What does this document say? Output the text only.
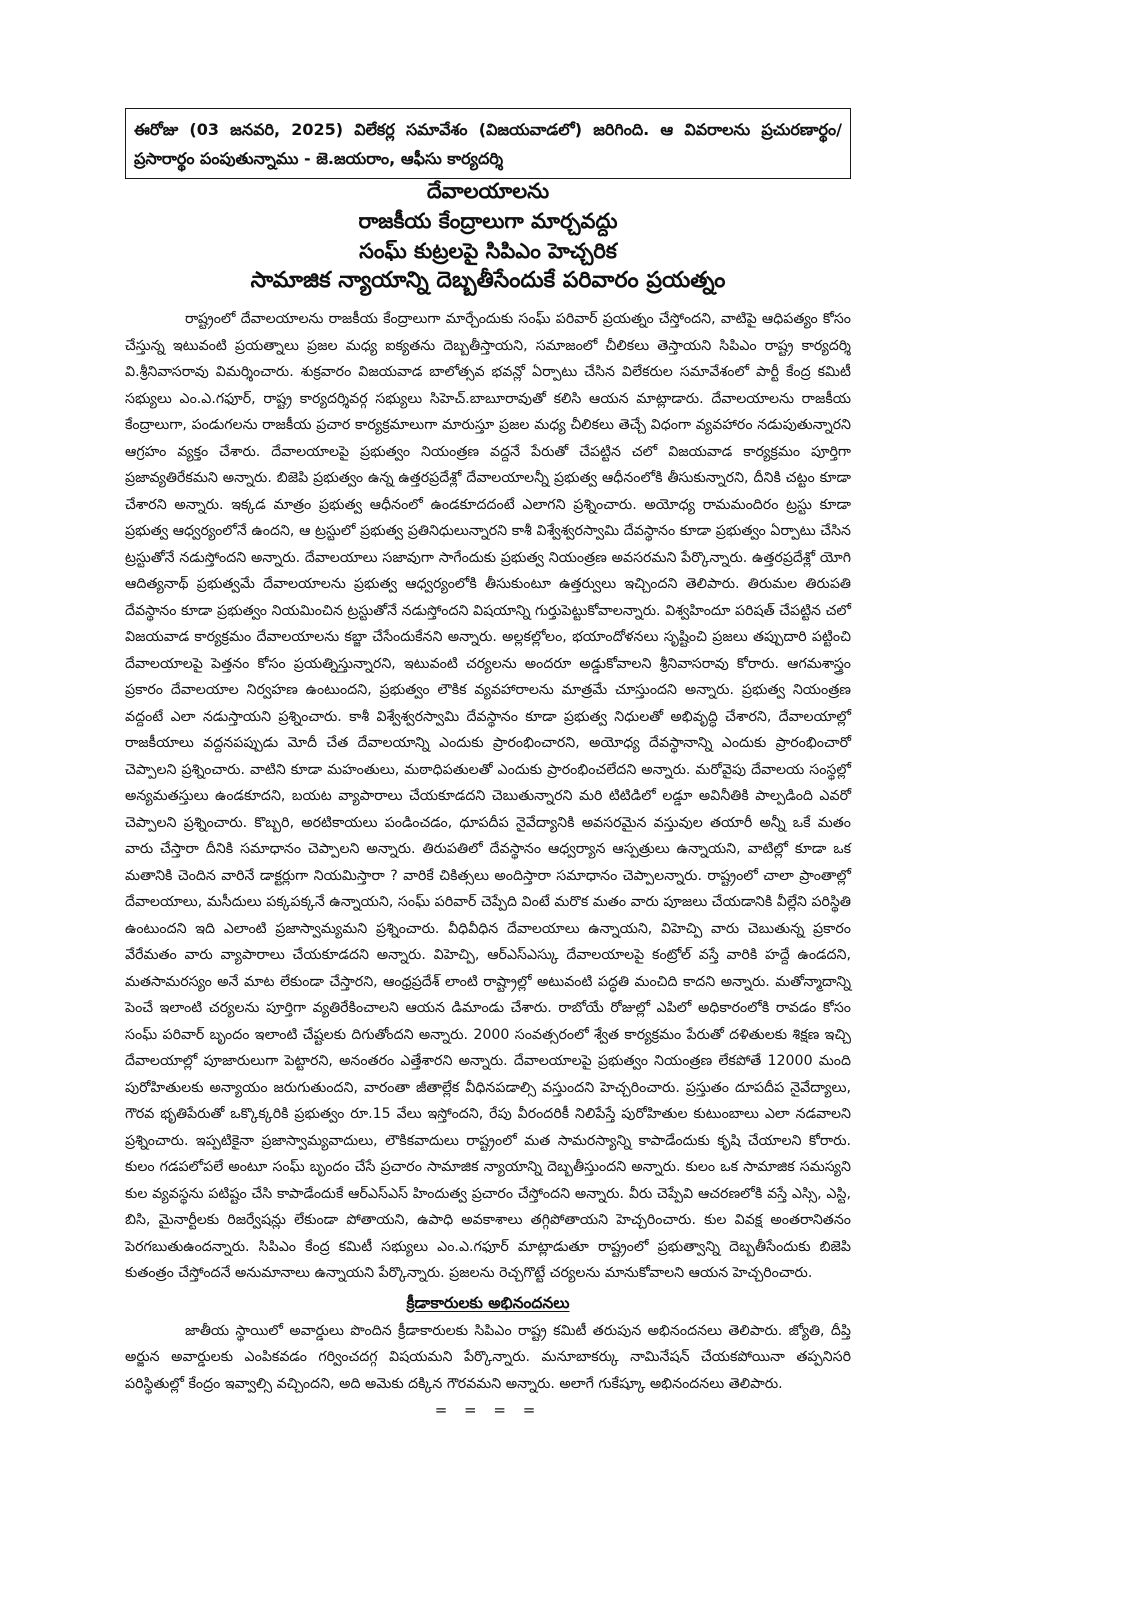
ఈరోజు (03 జనవరి, 2025) విలేకర్ల సమావేశం (విజయవాడలో) జరిగింది. ఆ వివరాలను ప్రచురణార్థం/ ప్రసారార్థం పంపుతున్నాము - జె.జయరాం, ఆఫీసు కార్యదర్శి
దేవాలయాలను
రాజకీయ కేంద్రాలుగా మార్చవద్దు
సంఘ్ కుట్రలపై సిపిఎం హెచ్చరిక
సామాజిక న్యాయాన్ని దెబ్బతీసేందుకే పరివారం ప్రయత్నం

రాష్ట్రంలో దేవాలయాలను రాజకీయ కేంద్రాలుగా మార్చేందుకు సంఘ్ పరివార్ ప్రయత్నం చేస్తోందని, వాటిపై ఆధిపత్యం కోసం చేస్తున్న ఇటువంటి ప్రయత్నాలు ప్రజల మధ్య ఐక్యతను దెబ్బతీస్తాయని, సమాజంలో చీలికలు తెస్తాయని సిపిఎం రాష్ట్ర కార్యదర్శి వి.శ్రీనివాసరావు విమర్శించారు. శుక్రవారం విజయవాడ బాలోత్సవ భవన్లో ఏర్పాటు చేసిన విలేకరుల సమావేశంలో పార్టీ కేంద్ర కమిటీ సభ్యులు ఎం.ఎ.గఫూర్, రాష్ట్ర కార్యదర్శివర్గ సభ్యులు సిహెచ్.బాబూరావుతో కలిసి ఆయన మాట్లాడారు. దేవాలయాలను రాజకీయ కేంద్రాలుగా, పండుగలను రాజకీయ ప్రచార కార్యక్రమాలుగా మారుస్తూ ప్రజల మధ్య చీలికలు తెచ్చే విధంగా వ్యవహారం నడుపుతున్నారని ఆగ్రహం వ్యక్తం చేశారు. దేవాలయాలపై ప్రభుత్వం నియంత్రణ వద్దనే పేరుతో చేపట్టిన చలో విజయవాడ కార్యక్రమం పూర్తిగా ప్రజావ్యతిరేకమని అన్నారు. బిజెపి ప్రభుత్వం ఉన్న ఉత్తరప్రదేశ్లో దేవాలయాలన్నీ ప్రభుత్వ ఆధీనంలోకి తీసుకున్నారని, దీనికి చట్టం కూడా చేశారని అన్నారు. ఇక్కడ మాత్రం ప్రభుత్వ ఆధీనంలో ఉండకూదదంటే ఎలాగని ప్రశ్నించారు. అయోధ్య రామమందిరం ట్రస్టు కూడా ప్రభుత్వ ఆధ్వర్యంలోనే ఉందని, ఆ ట్రస్టులో ప్రభుత్వ ప్రతినిధులున్నారని కాశీ విశ్వేశ్వరస్వామి దేవస్థానం కూడా ప్రభుత్వం ఏర్పాటు చేసిన ట్రస్టుతోనే నడుస్తోందని అన్నారు. దేవాలయాలు సజావుగా సాగేందుకు ప్రభుత్వ నియంత్రణ అవసరమని పేర్కొన్నారు. ఉత్తరప్రదేశ్లో యోగి ఆదిత్యనాథ్ ప్రభుత్వమే దేవాలయాలను ప్రభుత్వ ఆధ్వర్యంలోకి తీసుకుంటూ ఉత్తర్వులు ఇచ్చిందని తెలిపారు. తిరుమల తిరుపతి దేవస్థానం కూడా ప్రభుత్వం నియమించిన ట్రస్టుతోనే నడుస్తోందని విషయాన్ని గుర్తుపెట్టుకోవాలన్నారు. విశ్వహిందూ పరిషత్ చేపట్టిన చలో విజయవాడ కార్యక్రమం దేవాలయాలను కబ్జా చేసేందుకేనని అన్నారు. అల్లకల్లోలం, భయాందోళనలు సృష్టించి ప్రజలు తప్పుదారి పట్టించి దేవాలయాలపై పెత్తనం కోసం ప్రయత్నిస్తున్నారని, ఇటువంటి చర్యలను అందరూ అడ్డుకోవాలని శ్రీనివాసరావు కోరారు. ఆగమశాస్త్రం ప్రకారం దేవాలయాల నిర్వహణ ఉంటుందని, ప్రభుత్వం లౌకిక వ్యవహారాలను మాత్రమే చూస్తుందని అన్నారు. ప్రభుత్వ నియంత్రణ వద్దంటే ఎలా నడుస్తాయని ప్రశ్నించారు. కాశీ విశ్వేశ్వరస్వామి దేవస్థానం కూడా ప్రభుత్వ నిధులతో అభివృద్ధి చేశారని, దేవాలయాల్లో రాజకీయాలు వద్దనపప్పుడు మోదీ చేత దేవాలయాన్ని ఎందుకు ప్రారంభించారని, అయోధ్య దేవస్థానాన్ని ఎందుకు ప్రారంభించారో చెప్పాలని ప్రశ్నించారు. వాటిని కూడా మహంతులు, మఠాధిపతులతో ఎందుకు ప్రారంభించలేదని అన్నారు. మరోవైపు దేవాలయ సంస్థల్లో అన్యమతస్తులు ఉండకూదని, బయట వ్యాపారాలు చేయకూడదని చెబుతున్నారని మరి టిటిడిలో లడ్డూ అవినీతికి పాల్పడింది ఎవరో చెప్పాలని ప్రశ్నించారు. కొబ్బరి, అరటికాయలు పండించడం, ధూపదీప నైవేద్యానికి అవసరమైన వస్తువుల తయారీ అన్నీ ఒకే మతం వారు చేస్తారా దీనికి సమాధానం చెప్పాలని అన్నారు. తిరుపతిలో దేవస్థానం ఆధ్వర్యాన ఆస్పత్రులు ఉన్నాయని, వాటిల్లో కూడా ఒక మతానికి చెందిన వారినే డాక్టర్లుగా నియమిస్తారా ? వారికే చికిత్సలు అందిస్తారా సమాధానం చెప్పాలన్నారు. రాష్ట్రంలో చాలా ప్రాంతాల్లో దేవాలయాలు, మసీదులు పక్కపక్కనే ఉన్నాయని, సంఘ్ పరివార్ చెప్పేది వింటే మరొక మతం వారు పూజలు చేయడానికి వీల్లేని పరిస్థితి ఉంటుందని ఇది ఎలాంటి ప్రజాస్వామ్యమని ప్రశ్నించారు. వీధివీధిన దేవాలయాలు ఉన్నాయని, విహెచ్పి వారు చెబుతున్న ప్రకారం వేరేమతం వారు వ్యాపారాలు చేయకూడదని అన్నారు. విహెచ్పి, ఆర్ఎస్ఎస్కు దేవాలయాలపై కంట్రోల్ వస్తే వారికి హద్దే ఉండదని, మతసామరస్యం అనే మాట లేకుండా చేస్తారని, ఆంధ్రప్రదేశ్ లాంటి రాష్ట్రాల్లో అటువంటి పద్ధతి మంచిది కాదని అన్నారు. మతోన్మాదాన్ని పెంచే ఇలాంటి చర్యలను పూర్తిగా వ్యతిరేకించాలని ఆయన డిమాండు చేశారు. రాబోయే రోజుల్లో ఎపిలో అధికారంలోకి రావడం కోసం సంఘ్ పరివార్ బృందం ఇలాంటి చేష్టలకు దిగుతోందని అన్నారు. 2000 సంవత్సరంలో శ్వేత కార్యక్రమం పేరుతో దళితులకు శిక్షణ ఇచ్చి దేవాలయాల్లో పూజారులుగా పెట్టారని, అనంతరం ఎత్తేశారని అన్నారు. దేవాలయాలపై ప్రభుత్వం నియంత్రణ లేకపోతే 12000 మంది పురోహితులకు అన్యాయం జరుగుతుందని, వారంతా జీతాల్లేక వీధినపడాల్సి వస్తుందని హెచ్చరించారు. ప్రస్తుతం దూపదీప నైవేద్యాలు, గౌరవ భృతిపేరుతో ఒక్కొక్కరికి ప్రభుత్వం రూ.15 వేలు ఇస్తోందని, రేపు వీరందరికీ నిలిపేస్తే పురోహితుల కుటుంబాలు ఎలా నడవాలని ప్రశ్నించారు. ఇప్పటికైనా ప్రజాస్వామ్యవాదులు, లౌకికవాదులు రాష్ట్రంలో మత సామరస్యాన్ని కాపాడేందుకు కృషి చేయాలని కోరారు. కులం గడపలోపలే అంటూ సంఘ్ బృందం చేసే ప్రచారం సామాజిక న్యాయాన్ని దెబ్బతీస్తుందని అన్నారు. కులం ఒక సామాజిక సమస్యని కుల వ్యవస్థను పటిష్టం చేసి కాపాడేందుకే ఆర్ఎస్ఎస్ హిందుత్వ ప్రచారం చేస్తోందని అన్నారు. వీరు చెప్పేవి ఆచరణలోకి వస్తే ఎస్సి, ఎస్టి, బిసి, మైనార్టీలకు రిజర్వేషన్లు లేకుండా పోతాయని, ఉపాధి అవకాశాలు తగ్గిపోతాయని హెచ్చరించారు. కుల వివక్ష అంతరానితనం పెరగబుతుఉందన్నారు. సిపిఎం కేంద్ర కమిటీ సభ్యులు ఎం.ఎ.గఫూర్ మాట్లాడుతూ రాష్ట్రంలో ప్రభుత్వాన్ని దెబ్బతీసేందుకు బిజెపి కుతంత్రం చేస్తోందనే అనుమానాలు ఉన్నాయని పేర్కొన్నారు. ప్రజలను రెచ్చగొట్టే చర్యలను మానుకోవాలని ఆయన హెచ్చరించారు.

క్రీడాకారులకు అభినందనలు

జాతీయ స్థాయిలో అవార్డులు పొందిన క్రీడాకారులకు సిపిఎం రాష్ట్ర కమిటీ తరుపున అభినందనలు తెలిపారు. జ్యోతి, దీప్తి అర్జున అవార్డులకు ఎంపికవడం గర్వించదగ్గ విషయమని పేర్కొన్నారు. మనూబాకర్కు నామినేషన్ చేయకపోయినా తప్పనిసరి పరిస్థితుల్లో కేంద్రం ఇవ్వాల్సి వచ్చిందని, అది అమెకు దక్కిన గౌరవమని అన్నారు. అలాగే గుకేష్కూ అభినందనలు తెలిపారు.

= = = =
